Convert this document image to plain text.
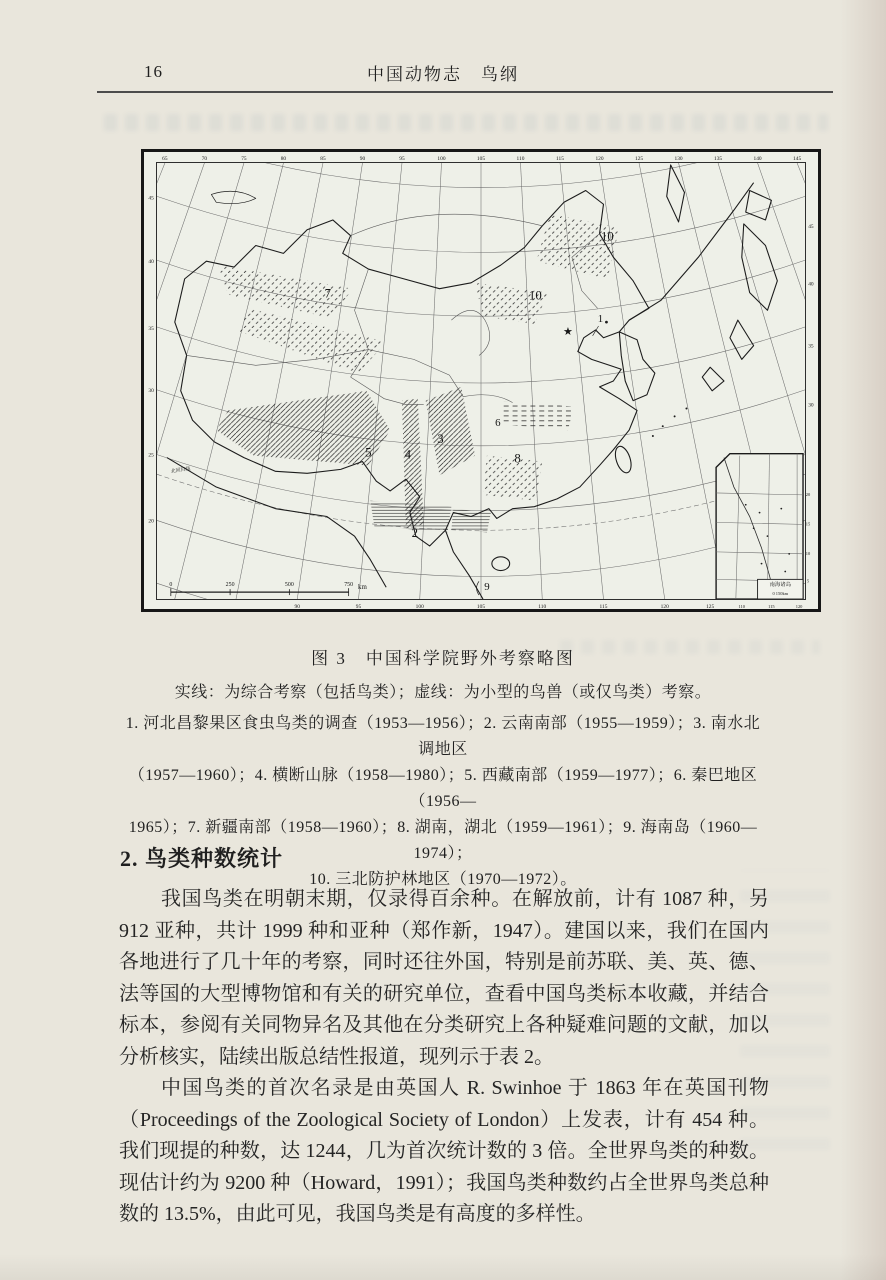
16	中国动物志　鸟纲
65	70	75	80	85	90	95	100	105	110	115	120	125	130	135	140	145
90	95	100	105	110	115	120	125
45
40
35
30
25
20
45
40
35
30
7
10
10
1
5	4
3
6
8
2
9
★
北回归线
0	250	500	750 km	南海诸岛
0 150km
20
15
10
5
110	115	120
图 3　中国科学院野外考察略图
实线：为综合考察（包括鸟类）；虚线：为小型的鸟兽（或仅鸟类）考察。
1. 河北昌黎果区食虫鸟类的调查（1953—1956）；2. 云南南部（1955—1959）；3. 南水北调地区
（1957—1960）；4. 横断山脉（1958—1980）；5. 西藏南部（1959—1977）；6. 秦巴地区（1956—
1965）；7. 新疆南部（1958—1960）；8. 湖南，湖北（1959—1961）；9. 海南岛（1960—1974）；
10. 三北防护林地区（1970—1972）。
2. 鸟类种数统计

我国鸟类在明朝末期，仅录得百余种。在解放前，计有 1087 种，另 912 亚种，共计 1999 种和亚种（郑作新，1947）。建国以来，我们在国内各地进行了几十年的考察，同时还往外国，特别是前苏联、美、英、德、法等国的大型博物馆和有关的研究单位，查看中国鸟类标本收藏，并结合标本，参阅有关同物异名及其他在分类研究上各种疑难问题的文献，加以分析核实，陆续出版总结性报道，现列示于表 2。

中国鸟类的首次名录是由英国人 R. Swinhoe 于 1863 年在英国刊物（Proceedings of the Zoological Society of London）上发表，计有 454 种。我们现提的种数，达 1244，几为首次统计数的 3 倍。全世界鸟类的种数。现估计约为 9200 种（Howard，1991）；我国鸟类种数约占全世界鸟类总种数的 13.5%，由此可见，我国鸟类是有高度的多样性。
